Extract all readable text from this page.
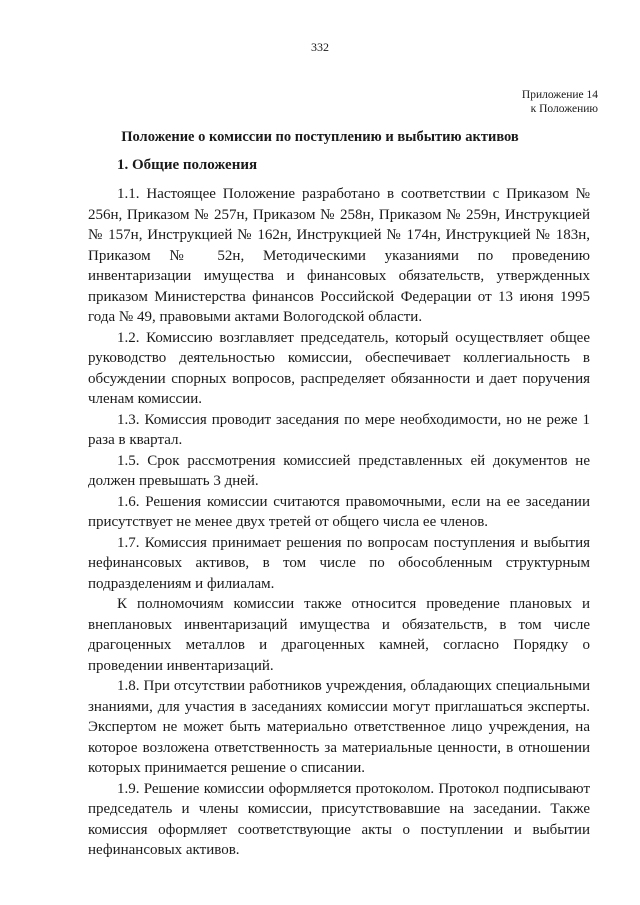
332
Приложение 14
к Положению
Положение о комиссии по поступлению и выбытию активов
1. Общие положения

1.1. Настоящее Положение разработано в соответствии с Приказом № 256н, Приказом № 257н, Приказом № 258н, Приказом № 259н, Инструкцией № 157н, Инструкцией № 162н, Инструкцией № 174н, Инструкцией № 183н, Приказом № 52н, Методическими указаниями по проведению инвентаризации имущества и финансовых обязательств, утвержденных приказом Министерства финансов Российской Федерации от 13 июня 1995 года № 49, правовыми актами Вологодской области.

1.2. Комиссию возглавляет председатель, который осуществляет общее руководство деятельностью комиссии, обеспечивает коллегиальность в обсуждении спорных вопросов, распределяет обязанности и дает поручения членам комиссии.

1.3. Комиссия проводит заседания по мере необходимости, но не реже 1 раза в квартал.

1.5. Срок рассмотрения комиссией представленных ей документов не должен превышать 3 дней.

1.6. Решения комиссии считаются правомочными, если на ее заседании присутствует не менее двух третей от общего числа ее членов.

1.7. Комиссия принимает решения по вопросам поступления и выбытия нефинансовых активов, в том числе по обособленным структурным подразделениям и филиалам.

К полномочиям комиссии также относится проведение плановых и внеплановых инвентаризаций имущества и обязательств, в том числе драгоценных металлов и драгоценных камней, согласно Порядку о проведении инвентаризаций.

1.8. При отсутствии работников учреждения, обладающих специальными знаниями, для участия в заседаниях комиссии могут приглашаться эксперты. Экспертом не может быть материально ответственное лицо учреждения, на которое возложена ответственность за материальные ценности, в отношении которых принимается решение о списании.

1.9. Решение комиссии оформляется протоколом. Протокол подписывают председатель и члены комиссии, присутствовавшие на заседании. Также комиссия оформляет соответствующие акты о поступлении и выбытии нефинансовых активов.
